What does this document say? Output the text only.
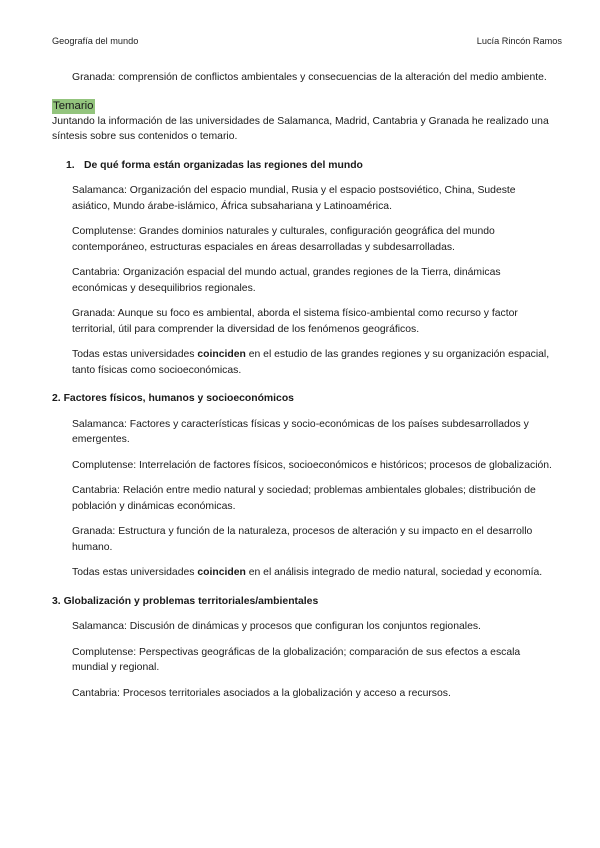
Geografía del mundo	Lucía Rincón Ramos

Granada: comprensión de conflictos ambientales y consecuencias de la alteración del medio ambiente.

Temario

Juntando la información de las universidades de Salamanca, Madrid, Cantabria y Granada he realizado una síntesis sobre sus contenidos o temario.

1. De qué forma están organizadas las regiones del mundo

Salamanca: Organización del espacio mundial, Rusia y el espacio postsoviético, China, Sudeste asiático, Mundo árabe-islámico, África subsahariana y Latinoamérica.

Complutense: Grandes dominios naturales y culturales, configuración geográfica del mundo contemporáneo, estructuras espaciales en áreas desarrolladas y subdesarrolladas.

Cantabria: Organización espacial del mundo actual, grandes regiones de la Tierra, dinámicas económicas y desequilibrios regionales.

Granada: Aunque su foco es ambiental, aborda el sistema físico-ambiental como recurso y factor territorial, útil para comprender la diversidad de los fenómenos geográficos.

Todas estas universidades coinciden en el estudio de las grandes regiones y su organización espacial, tanto físicas como socioeconómicas.

2. Factores físicos, humanos y socioeconómicos

Salamanca: Factores y características físicas y socio-económicas de los países subdesarrollados y emergentes.

Complutense: Interrelación de factores físicos, socioeconómicos e históricos; procesos de globalización.

Cantabria: Relación entre medio natural y sociedad; problemas ambientales globales; distribución de población y dinámicas económicas.

Granada: Estructura y función de la naturaleza, procesos de alteración y su impacto en el desarrollo humano.

Todas estas universidades coinciden en el análisis integrado de medio natural, sociedad y economía.

3. Globalización y problemas territoriales/ambientales

Salamanca: Discusión de dinámicas y procesos que configuran los conjuntos regionales.

Complutense: Perspectivas geográficas de la globalización; comparación de sus efectos a escala mundial y regional.

Cantabria: Procesos territoriales asociados a la globalización y acceso a recursos.
